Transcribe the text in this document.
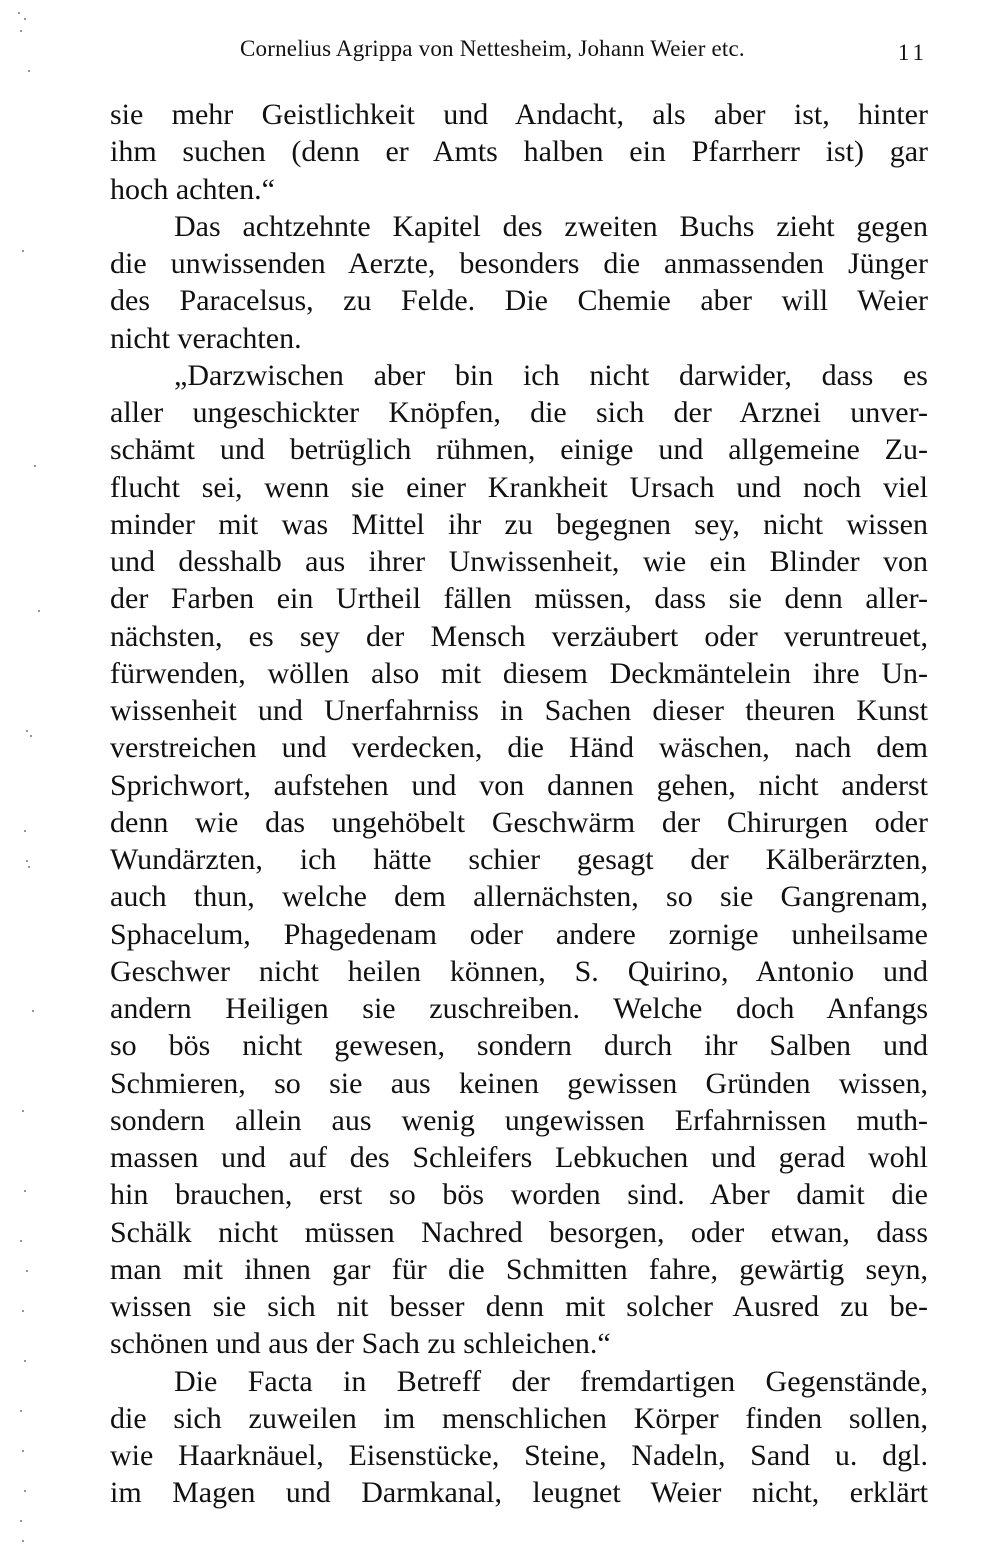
Cornelius Agrippa von Nettesheim, Johann Weier etc.	11
sie mehr Geistlichkeit und Andacht, als aber ist, hinter
ihm suchen (denn er Amts halben ein Pfarrherr ist) gar
hoch achten.“
Das achtzehnte Kapitel des zweiten Buchs zieht gegen
die unwissenden Aerzte, besonders die anmassenden Jünger
des Paracelsus, zu Felde. Die Chemie aber will Weier
nicht verachten.
„Darzwischen aber bin ich nicht darwider, dass es
aller ungeschickter Knöpfen, die sich der Arznei unver-
schämt und betrüglich rühmen, einige und allgemeine Zu-
flucht sei, wenn sie einer Krankheit Ursach und noch viel
minder mit was Mittel ihr zu begegnen sey, nicht wissen
und desshalb aus ihrer Unwissenheit, wie ein Blinder von
der Farben ein Urtheil fällen müssen, dass sie denn aller-
nächsten, es sey der Mensch verzäubert oder veruntreuet,
fürwenden, wöllen also mit diesem Deckmäntelein ihre Un-
wissenheit und Unerfahrniss in Sachen dieser theuren Kunst
verstreichen und verdecken, die Händ wäschen, nach dem
Sprichwort, aufstehen und von dannen gehen, nicht anderst
denn wie das ungehöbelt Geschwärm der Chirurgen oder
Wundärzten, ich hätte schier gesagt der Kälberärzten,
auch thun, welche dem allernächsten, so sie Gangrenam,
Sphacelum, Phagedenam oder andere zornige unheilsame
Geschwer nicht heilen können, S. Quirino, Antonio und
andern Heiligen sie zuschreiben. Welche doch Anfangs
so bös nicht gewesen, sondern durch ihr Salben und
Schmieren, so sie aus keinen gewissen Gründen wissen,
sondern allein aus wenig ungewissen Erfahrnissen muth-
massen und auf des Schleifers Lebkuchen und gerad wohl
hin brauchen, erst so bös worden sind. Aber damit die
Schälk nicht müssen Nachred besorgen, oder etwan, dass
man mit ihnen gar für die Schmitten fahre, gewärtig seyn,
wissen sie sich nit besser denn mit solcher Ausred zu be-
schönen und aus der Sach zu schleichen.“
Die Facta in Betreff der fremdartigen Gegenstände,
die sich zuweilen im menschlichen Körper finden sollen,
wie Haarknäuel, Eisenstücke, Steine, Nadeln, Sand u. dgl.
im Magen und Darmkanal, leugnet Weier nicht, erklärt
